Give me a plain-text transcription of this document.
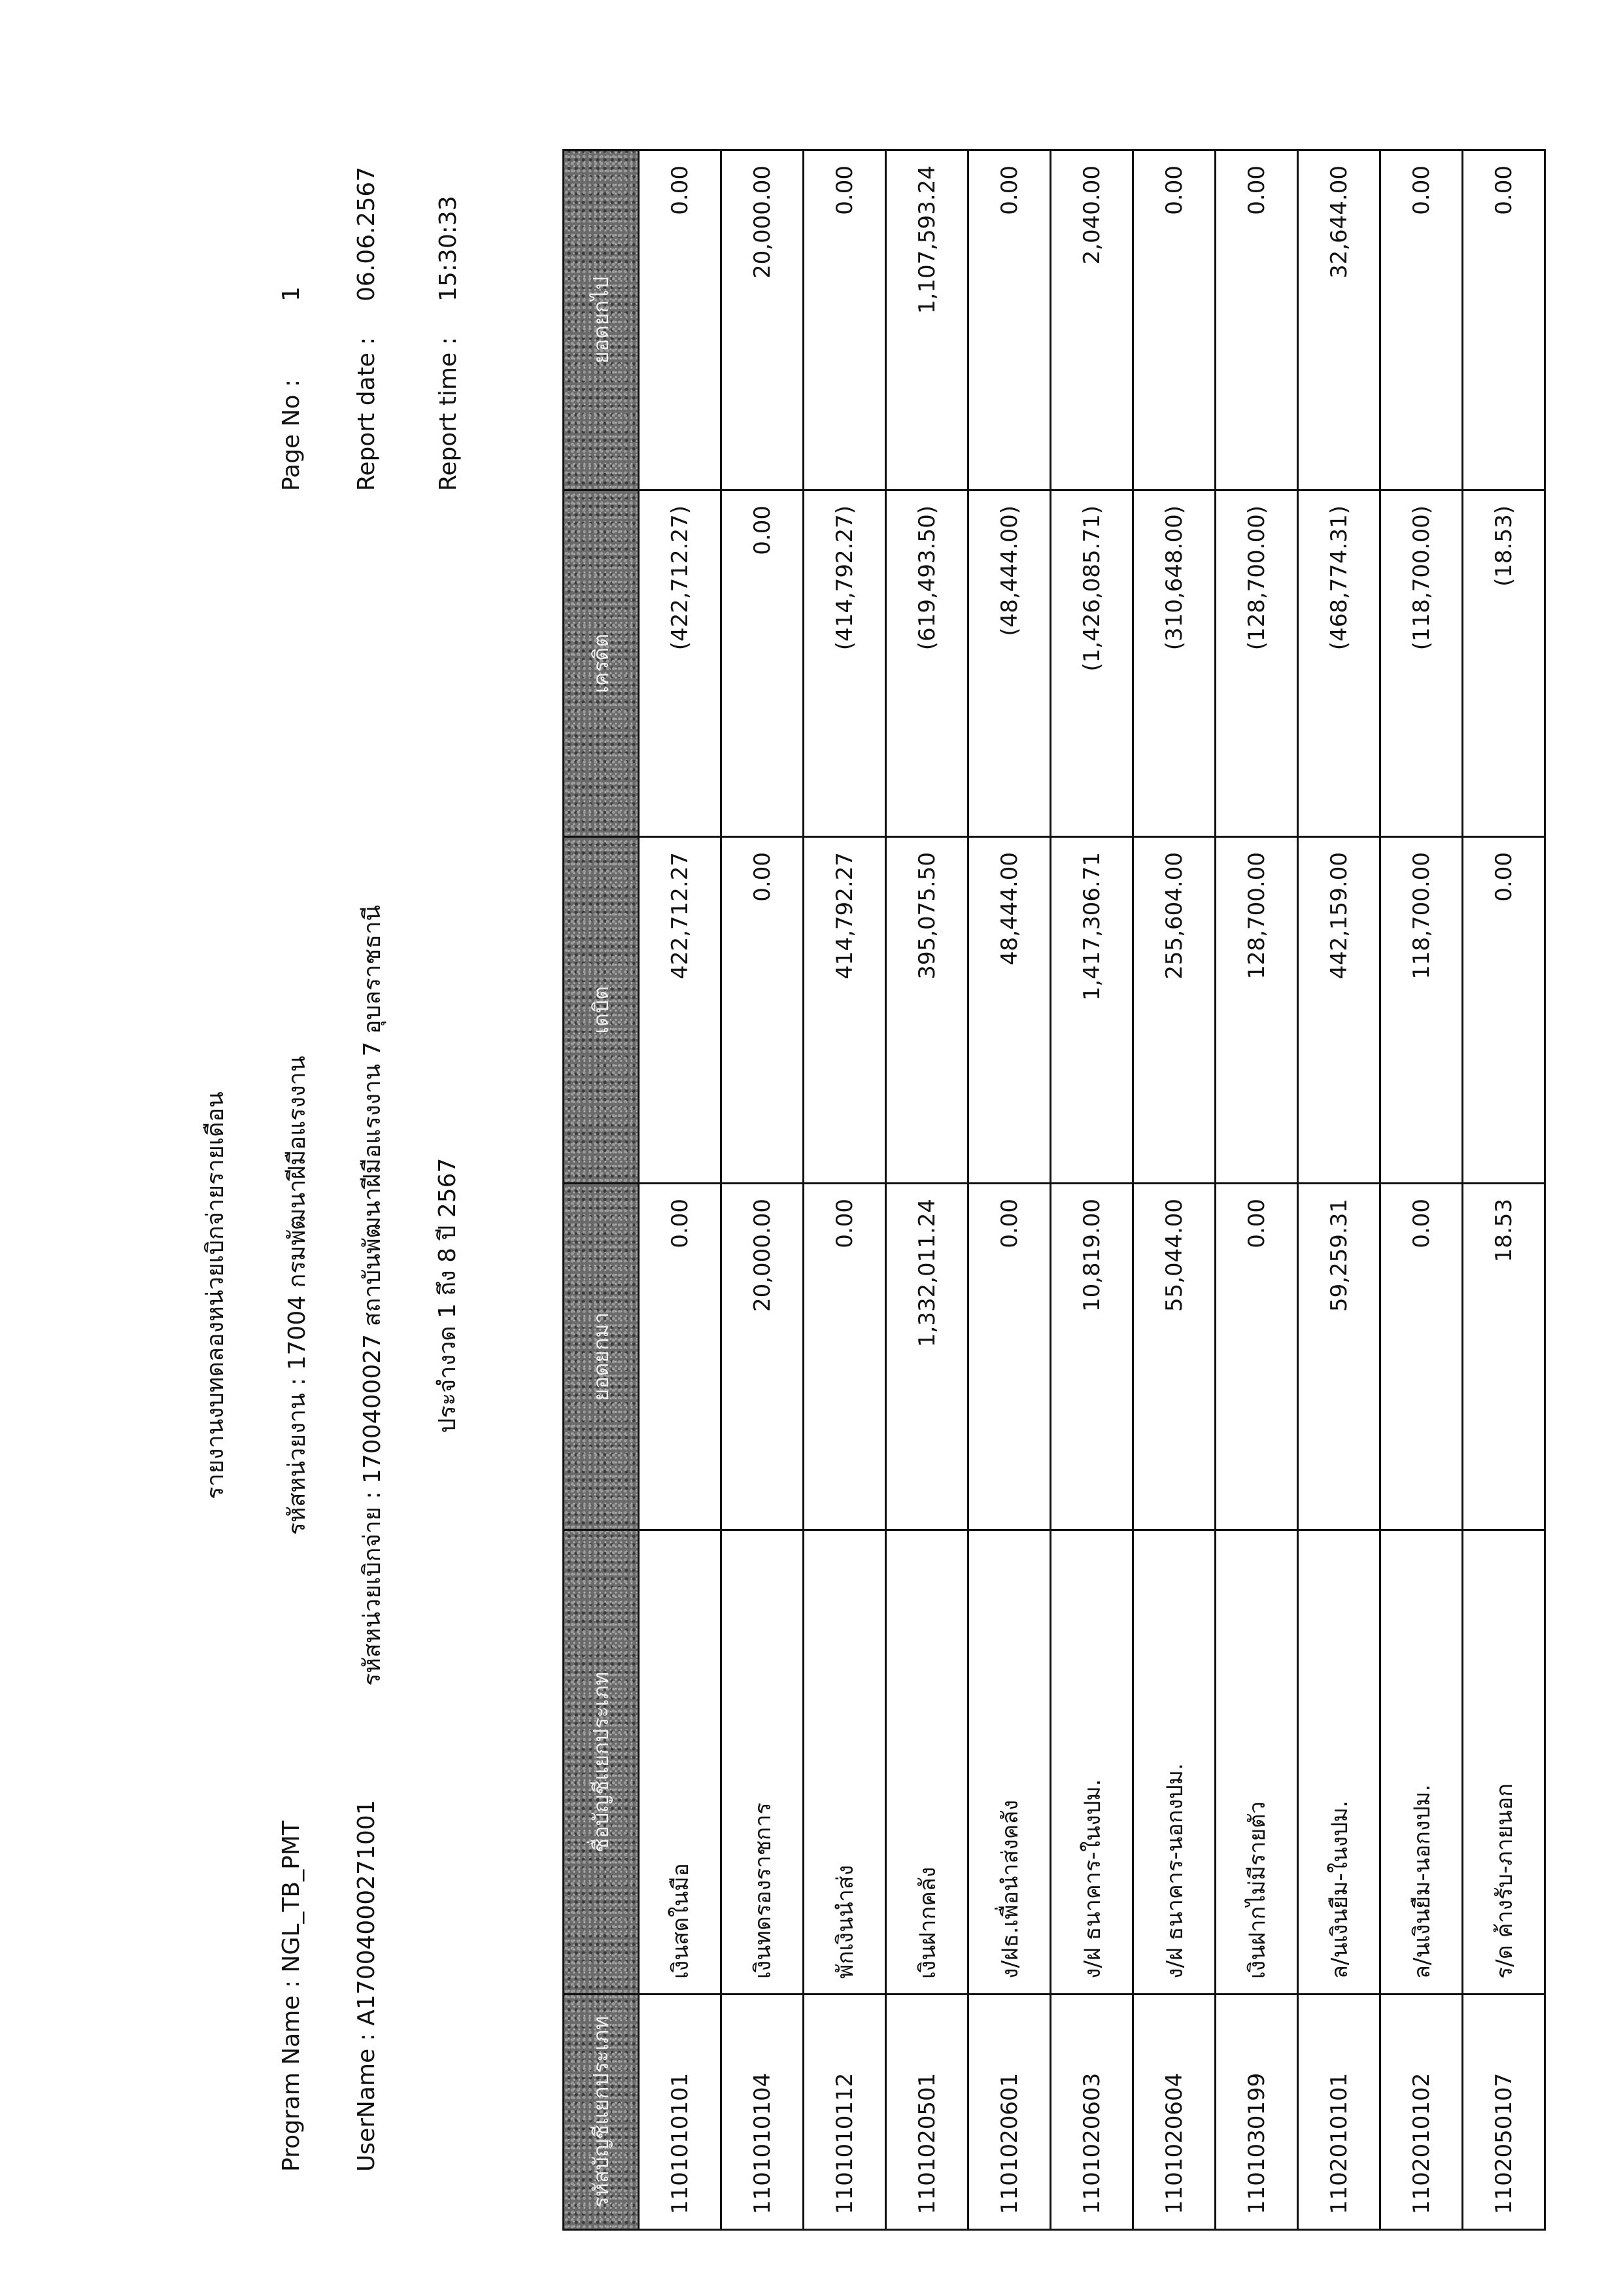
รายงานงบทดลองหน่วยเบิกจ่ายรายเดือน
Program Name : NGL_TB_PMT
รหัสหน่วยงาน : 17004 กรมพัฒนาฝีมือแรงงาน
Page No :
1
UserName : A17004000271001
รหัสหน่วยเบิกจ่าย : 1700400027 สถาบันพัฒนาฝีมือแรงงาน 7 อุบลราชธานี
Report date :
06.06.2567
ประจำงวด 1 ถึง 8 ปี 2567
Report time :
15:30:33
รหัสบัญชีแยกประเภท	ชื่อบัญชีแยกประเภท	ยอดยกมา	เดบิต	เครดิต	ยอดยกไป
1101010101	เงินสดในมือ	0.00	422,712.27	(422,712.27)	0.00
1101010104	เงินทดรองราชการ	20,000.00	0.00	0.00	20,000.00
1101010112	พักเงินนำส่ง	0.00	414,792.27	(414,792.27)	0.00
1101020501	เงินฝากคลัง	1,332,011.24	395,075.50	(619,493.50)	1,107,593.24
1101020601	ง/ฝธ.เพื่อนำส่งคลัง	0.00	48,444.00	(48,444.00)	0.00
1101020603	ง/ฝ ธนาคาร-ในงปม.	10,819.00	1,417,306.71	(1,426,085.71)	2,040.00
1101020604	ง/ฝ ธนาคาร-นอกงปม.	55,044.00	255,604.00	(310,648.00)	0.00
1101030199	เงินฝากไม่มีรายตัว	0.00	128,700.00	(128,700.00)	0.00
1102010101	ล/นเงินยืม-ในงปม.	59,259.31	442,159.00	(468,774.31)	32,644.00
1102010102	ล/นเงินยืม-นอกงปม.	0.00	118,700.00	(118,700.00)	0.00
1102050107	ร/ด ค้างรับ-ภายนอก	18.53	0.00	(18.53)	0.00
